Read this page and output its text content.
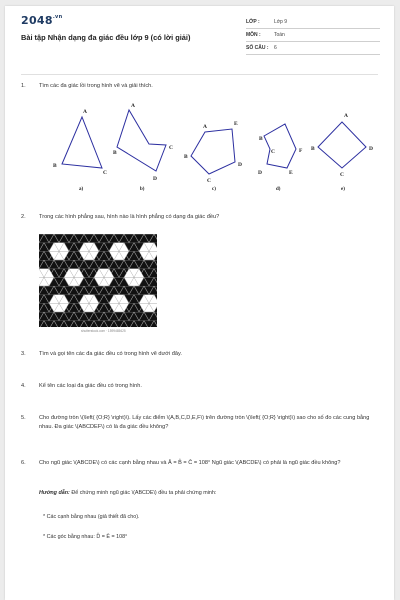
$2048^{.vn}$
Bài tập Nhận dạng đa giác đều lớp 9 (có lời giải)
LỚP :	Lớp 9
MÔN :	Toán
SỐ CÂU :	6
1. Tìm các đa giác lồi trong hình vẽ và giải thích.
A
B
C
A
B
C
D
A	E
B
D
C
B
C	F
D	E
A
B	D
C
a)	b)	c)	d)	e)
2. Trong các hình phẳng sau, hình nào là hình phẳng có dạng đa giác đều?
shutterstock.com · 1599465625
3. Tìm và gọi tên các đa giác đều có trong hình vẽ dưới đây.
4. Kể tên các loại đa giác đều có trong hình.
5. Cho đường tròn \(\left( {O;R} \right)\). Lấy các điểm \(A,B,C,D,E,F\) trên đường tròn \(\left( {O;R} \right)\) sao cho số đo các cung bằng nhau. Đa giác \(ABCDEF\) có là đa giác đều không?
6. Cho ngũ giác \(ABCDE\) có các cạnh bằng nhau và Â = B̂ = Ĉ = 108° Ngũ giác \(ABCDE\) có phải là ngũ giác đều không?
Hướng dẫn: Để chứng minh ngũ giác \(ABCDE\) đều ta phải chứng minh:
* Các cạnh bằng nhau (giả thiết đã cho).
* Các góc bằng nhau: D̂ = Ê = 108°
